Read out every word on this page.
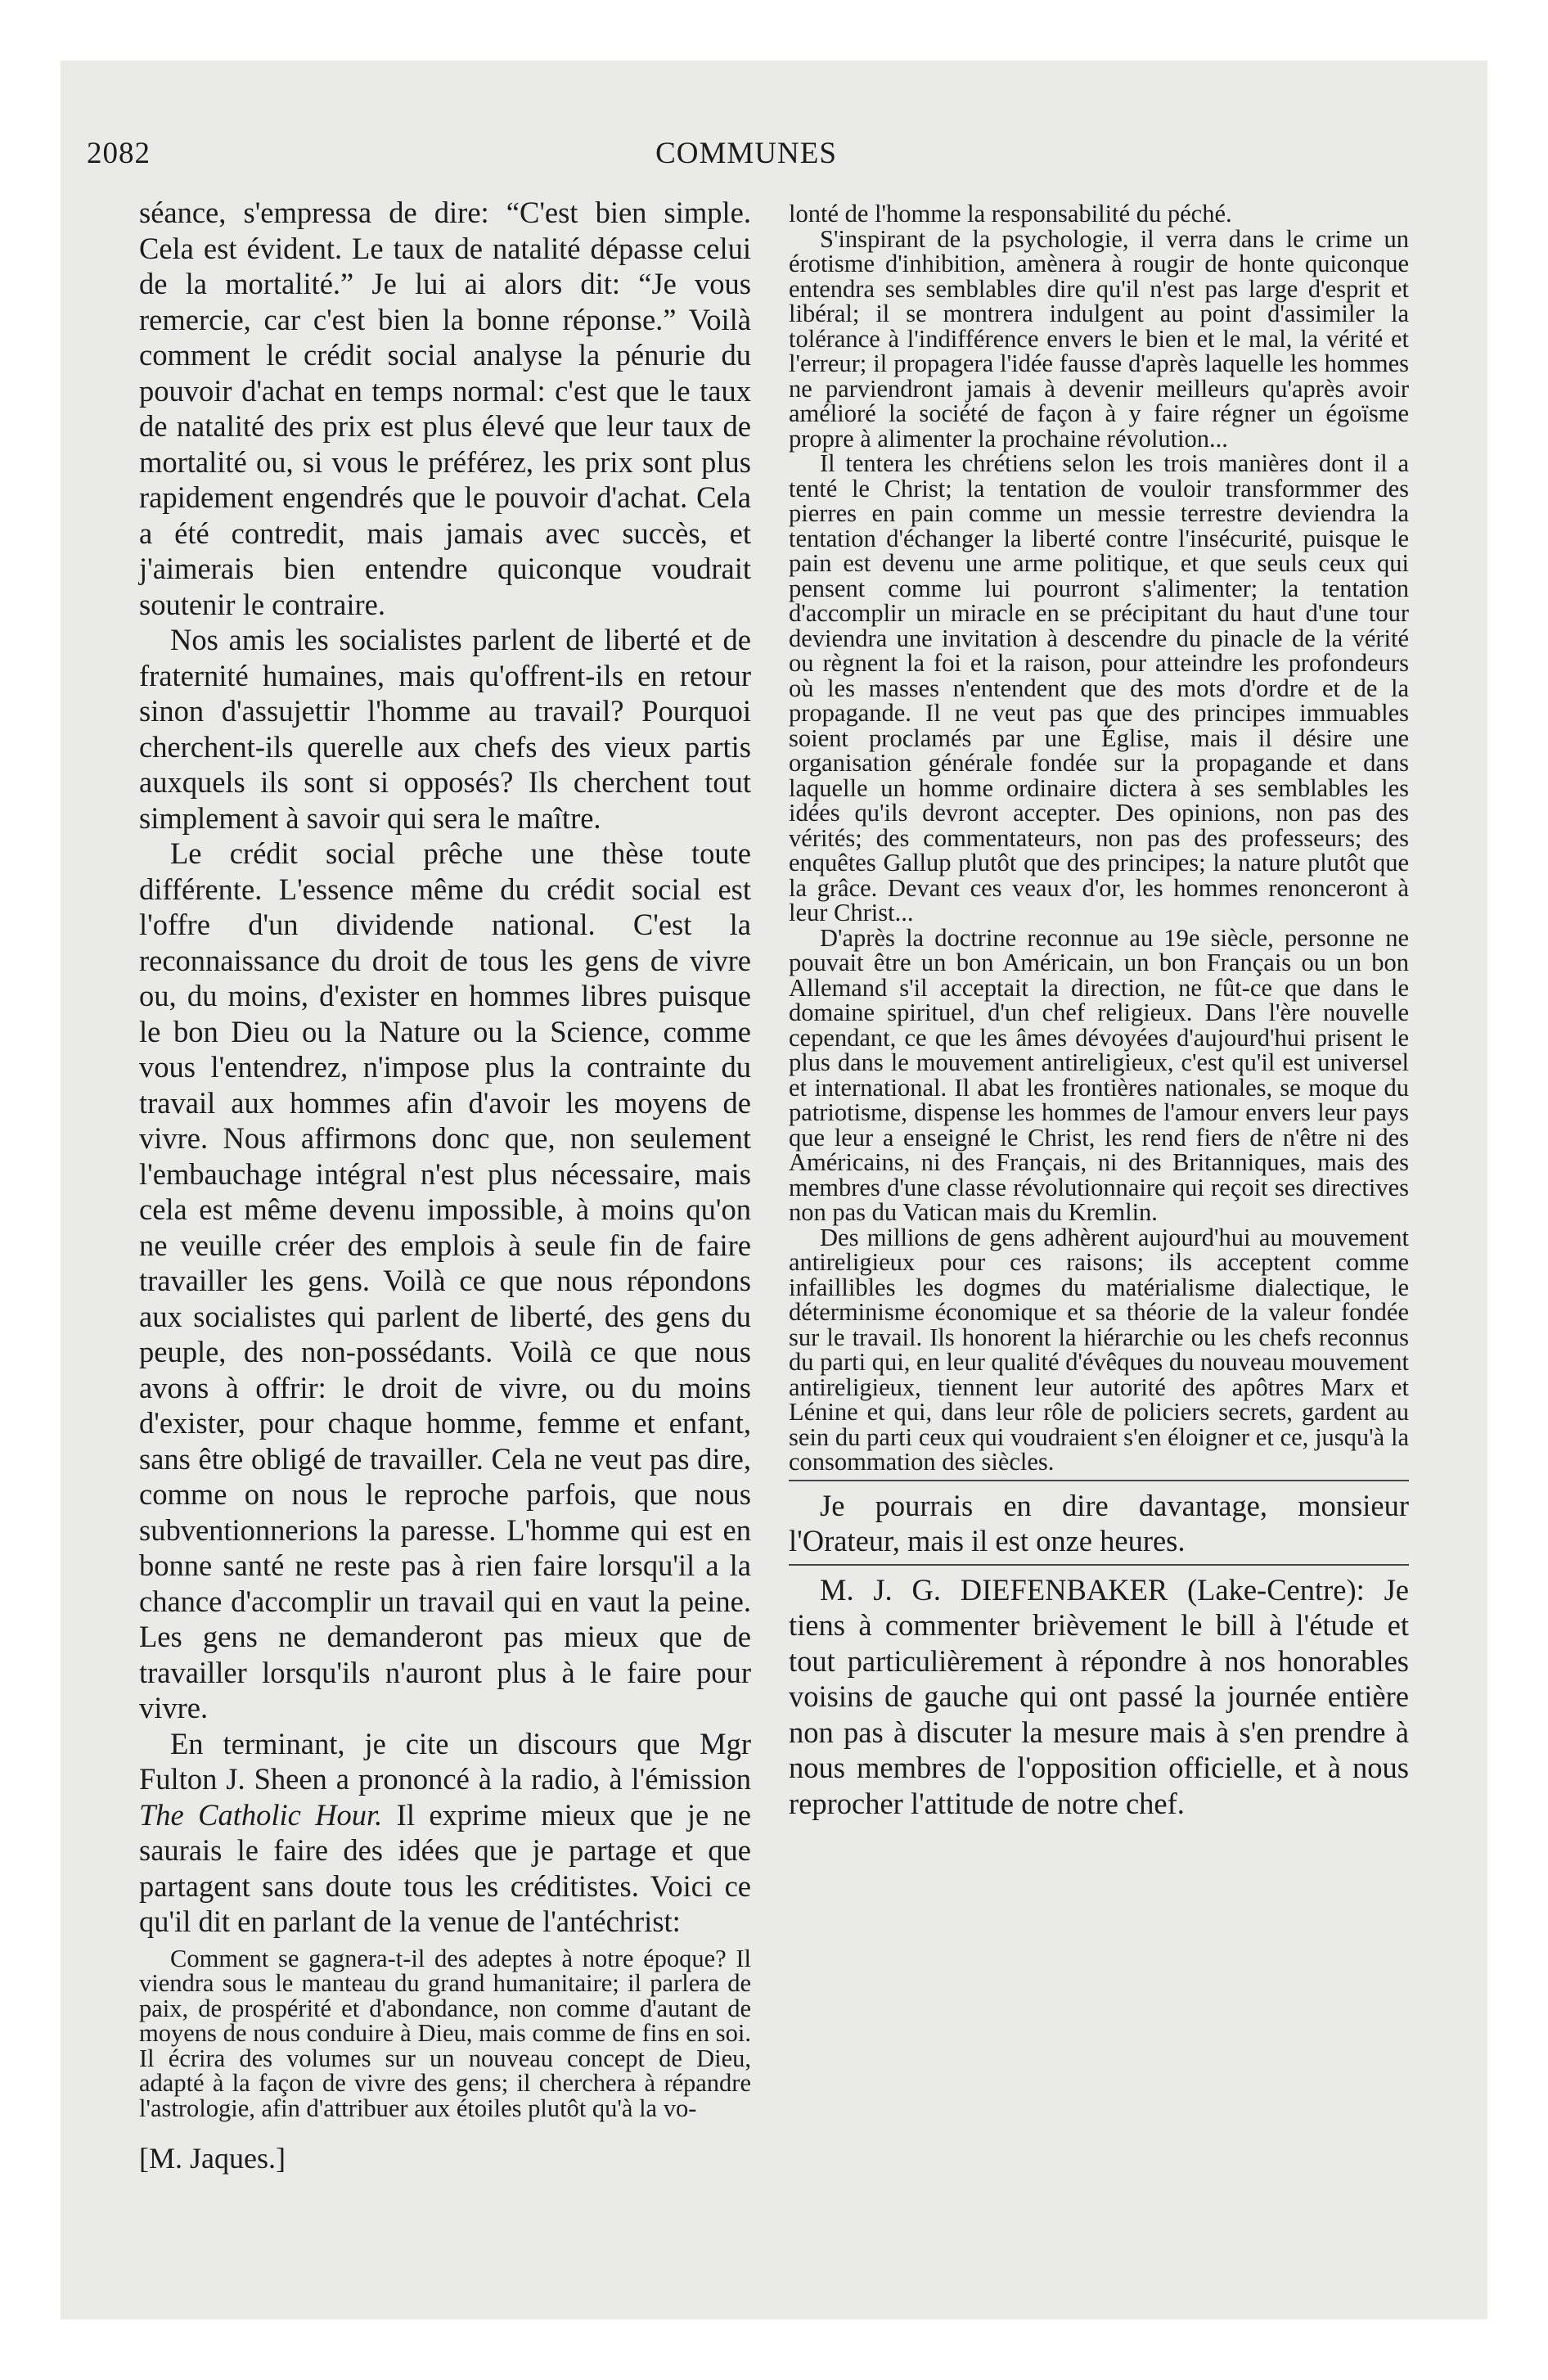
2082	COMMUNES

séance, s'empressa de dire: “C'est bien simple. Cela est évident. Le taux de natalité dépasse celui de la mortalité.” Je lui ai alors dit: “Je vous remercie, car c'est bien la bonne réponse.” Voilà comment le crédit social analyse la pénurie du pouvoir d'achat en temps normal: c'est que le taux de natalité des prix est plus élevé que leur taux de mortalité ou, si vous le préférez, les prix sont plus rapidement engendrés que le pouvoir d'achat. Cela a été contredit, mais jamais avec succès, et j'aimerais bien entendre quiconque voudrait soutenir le contraire.

Nos amis les socialistes parlent de liberté et de fraternité humaines, mais qu'offrent-ils en retour sinon d'assujettir l'homme au travail? Pourquoi cherchent-ils querelle aux chefs des vieux partis auxquels ils sont si opposés? Ils cherchent tout simplement à savoir qui sera le maître.

Le crédit social prêche une thèse toute différente. L'essence même du crédit social est l'offre d'un dividende national. C'est la reconnaissance du droit de tous les gens de vivre ou, du moins, d'exister en hommes libres puisque le bon Dieu ou la Nature ou la Science, comme vous l'entendrez, n'impose plus la contrainte du travail aux hommes afin d'avoir les moyens de vivre. Nous affirmons donc que, non seulement l'embauchage intégral n'est plus nécessaire, mais cela est même devenu impossible, à moins qu'on ne veuille créer des emplois à seule fin de faire travailler les gens. Voilà ce que nous répondons aux socialistes qui parlent de liberté, des gens du peuple, des non-possédants. Voilà ce que nous avons à offrir: le droit de vivre, ou du moins d'exister, pour chaque homme, femme et enfant, sans être obligé de travailler. Cela ne veut pas dire, comme on nous le reproche parfois, que nous subventionnerions la paresse. L'homme qui est en bonne santé ne reste pas à rien faire lorsqu'il a la chance d'accomplir un travail qui en vaut la peine. Les gens ne demanderont pas mieux que de travailler lorsqu'ils n'auront plus à le faire pour vivre.

En terminant, je cite un discours que Mgr Fulton J. Sheen a prononcé à la radio, à l'émission The Catholic Hour. Il exprime mieux que je ne saurais le faire des idées que je partage et que partagent sans doute tous les créditistes. Voici ce qu'il dit en parlant de la venue de l'antéchrist:

Comment se gagnera-t-il des adeptes à notre époque? Il viendra sous le manteau du grand humanitaire; il parlera de paix, de prospérité et d'abondance, non comme d'autant de moyens de nous conduire à Dieu, mais comme de fins en soi. Il écrira des volumes sur un nouveau concept de Dieu, adapté à la façon de vivre des gens; il cherchera à répandre l'astrologie, afin d'attribuer aux étoiles plutôt qu'à la vo-

[M. Jaques.]

lonté de l'homme la responsabilité du péché.

S'inspirant de la psychologie, il verra dans le crime un érotisme d'inhibition, amènera à rougir de honte quiconque entendra ses semblables dire qu'il n'est pas large d'esprit et libéral; il se montrera indulgent au point d'assimiler la tolérance à l'indifférence envers le bien et le mal, la vérité et l'erreur; il propagera l'idée fausse d'après laquelle les hommes ne parviendront jamais à devenir meilleurs qu'après avoir amélioré la société de façon à y faire régner un égoïsme propre à alimenter la prochaine révolution...

Il tentera les chrétiens selon les trois manières dont il a tenté le Christ; la tentation de vouloir transformmer des pierres en pain comme un messie terrestre deviendra la tentation d'échanger la liberté contre l'insécurité, puisque le pain est devenu une arme politique, et que seuls ceux qui pensent comme lui pourront s'alimenter; la tentation d'accomplir un miracle en se précipitant du haut d'une tour deviendra une invitation à descendre du pinacle de la vérité ou règnent la foi et la raison, pour atteindre les profondeurs où les masses n'entendent que des mots d'ordre et de la propagande. Il ne veut pas que des principes immuables soient proclamés par une Église, mais il désire une organisation générale fondée sur la propagande et dans laquelle un homme ordinaire dictera à ses semblables les idées qu'ils devront accepter. Des opinions, non pas des vérités; des commentateurs, non pas des professeurs; des enquêtes Gallup plutôt que des principes; la nature plutôt que la grâce. Devant ces veaux d'or, les hommes renonceront à leur Christ...

D'après la doctrine reconnue au 19e siècle, personne ne pouvait être un bon Américain, un bon Français ou un bon Allemand s'il acceptait la direction, ne fût-ce que dans le domaine spirituel, d'un chef religieux. Dans l'ère nouvelle cependant, ce que les âmes dévoyées d'aujourd'hui prisent le plus dans le mouvement antireligieux, c'est qu'il est universel et international. Il abat les frontières nationales, se moque du patriotisme, dispense les hommes de l'amour envers leur pays que leur a enseigné le Christ, les rend fiers de n'être ni des Américains, ni des Français, ni des Britanniques, mais des membres d'une classe révolutionnaire qui reçoit ses directives non pas du Vatican mais du Kremlin.

Des millions de gens adhèrent aujourd'hui au mouvement antireligieux pour ces raisons; ils acceptent comme infaillibles les dogmes du matérialisme dialectique, le déterminisme économique et sa théorie de la valeur fondée sur le travail. Ils honorent la hiérarchie ou les chefs reconnus du parti qui, en leur qualité d'évêques du nouveau mouvement antireligieux, tiennent leur autorité des apôtres Marx et Lénine et qui, dans leur rôle de policiers secrets, gardent au sein du parti ceux qui voudraient s'en éloigner et ce, jusqu'à la consommation des siècles.

Je pourrais en dire davantage, monsieur l'Orateur, mais il est onze heures.

M. J. G. DIEFENBAKER (Lake-Centre): Je tiens à commenter brièvement le bill à l'étude et tout particulièrement à répondre à nos honorables voisins de gauche qui ont passé la journée entière non pas à discuter la mesure mais à s'en prendre à nous membres de l'opposition officielle, et à nous reprocher l'attitude de notre chef.
